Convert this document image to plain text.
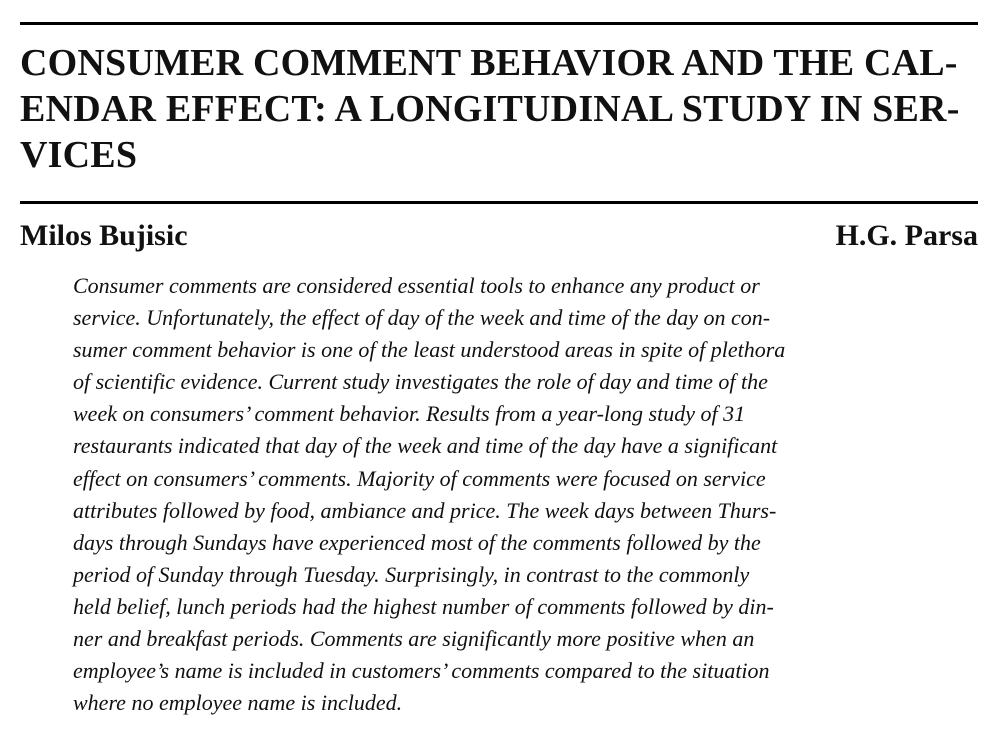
CONSUMER COMMENT BEHAVIOR AND THE CAL-
ENDAR EFFECT: A LONGITUDINAL STUDY IN SER-
VICES
Milos Bujisic	H.G. Parsa
Consumer comments are considered essential tools to enhance any product or
service. Unfortunately, the effect of day of the week and time of the day on con-
sumer comment behavior is one of the least understood areas in spite of plethora
of scientific evidence. Current study investigates the role of day and time of the
week on consumers’ comment behavior. Results from a year-long study of 31
restaurants indicated that day of the week and time of the day have a significant
effect on consumers’ comments. Majority of comments were focused on service
attributes followed by food, ambiance and price. The week days between Thurs-
days through Sundays have experienced most of the comments followed by the
period of Sunday through Tuesday. Surprisingly, in contrast to the commonly
held belief, lunch periods had the highest number of comments followed by din-
ner and breakfast periods. Comments are significantly more positive when an
employee’s name is included in customers’ comments compared to the situation
where no employee name is included.
